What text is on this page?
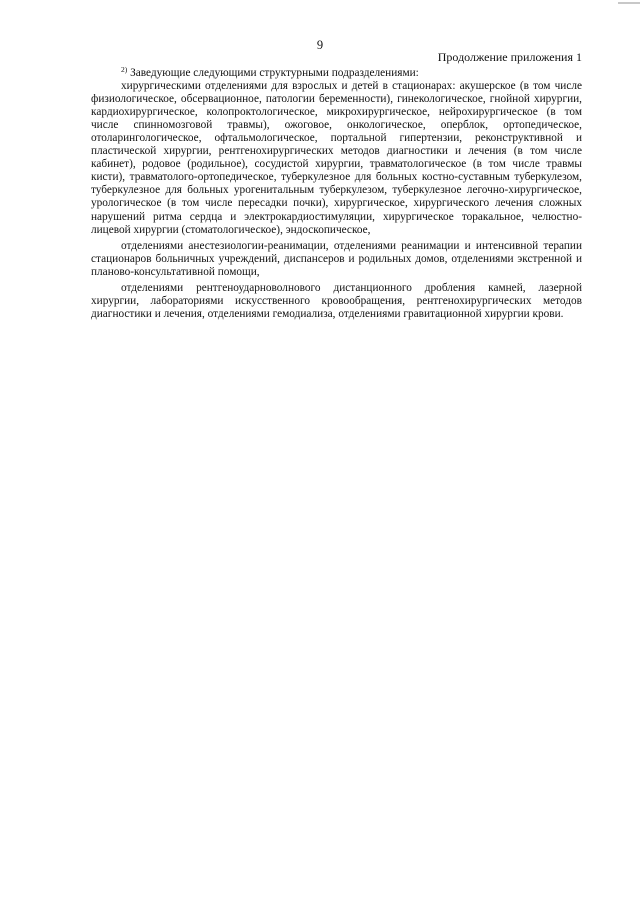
9
Продолжение приложения 1

$^{2)}$ Заведующие следующими структурными подразделениями:

хирургическими отделениями для взрослых и детей в стационарах: акушерское (в том числе физиологическое, обсервационное, патологии беременности), гинекологическое, гнойной хирургии, кардиохирургическое, колопроктологическое, микрохирургическое, нейрохирургическое (в том числе спинномозговой травмы), ожоговое, онкологическое, оперблок, ортопедическое, отоларингологическое, офтальмологическое, портальной гипертензии, реконструктивной и пластической хирургии, рентгенохирургических методов диагностики и лечения (в том числе кабинет), родовое (родильное), сосудистой хирургии, травматологическое (в том числе травмы кисти), травматолого-ортопедическое, туберкулезное для больных костно-суставным туберкулезом, туберкулезное для больных урогенитальным туберкулезом, туберкулезное легочно-хирургическое, урологическое (в том числе пересадки почки), хирургическое, хирургического лечения сложных нарушений ритма сердца и электрокардиостимуляции, хирургическое торакальное, челюстно-лицевой хирургии (стоматологическое), эндоскопическое,

отделениями анестезиологии-реанимации, отделениями реанимации и интенсивной терапии стационаров больничных учреждений, диспансеров и родильных домов, отделениями экстренной и планово-консультативной помощи,

отделениями рентгеноударноволнового дистанционного дробления камней, лазерной хирургии, лабораториями искусственного кровообращения, рентгенохирургических методов диагностики и лечения, отделениями гемодиализа, отделениями гравитационной хирургии крови.
